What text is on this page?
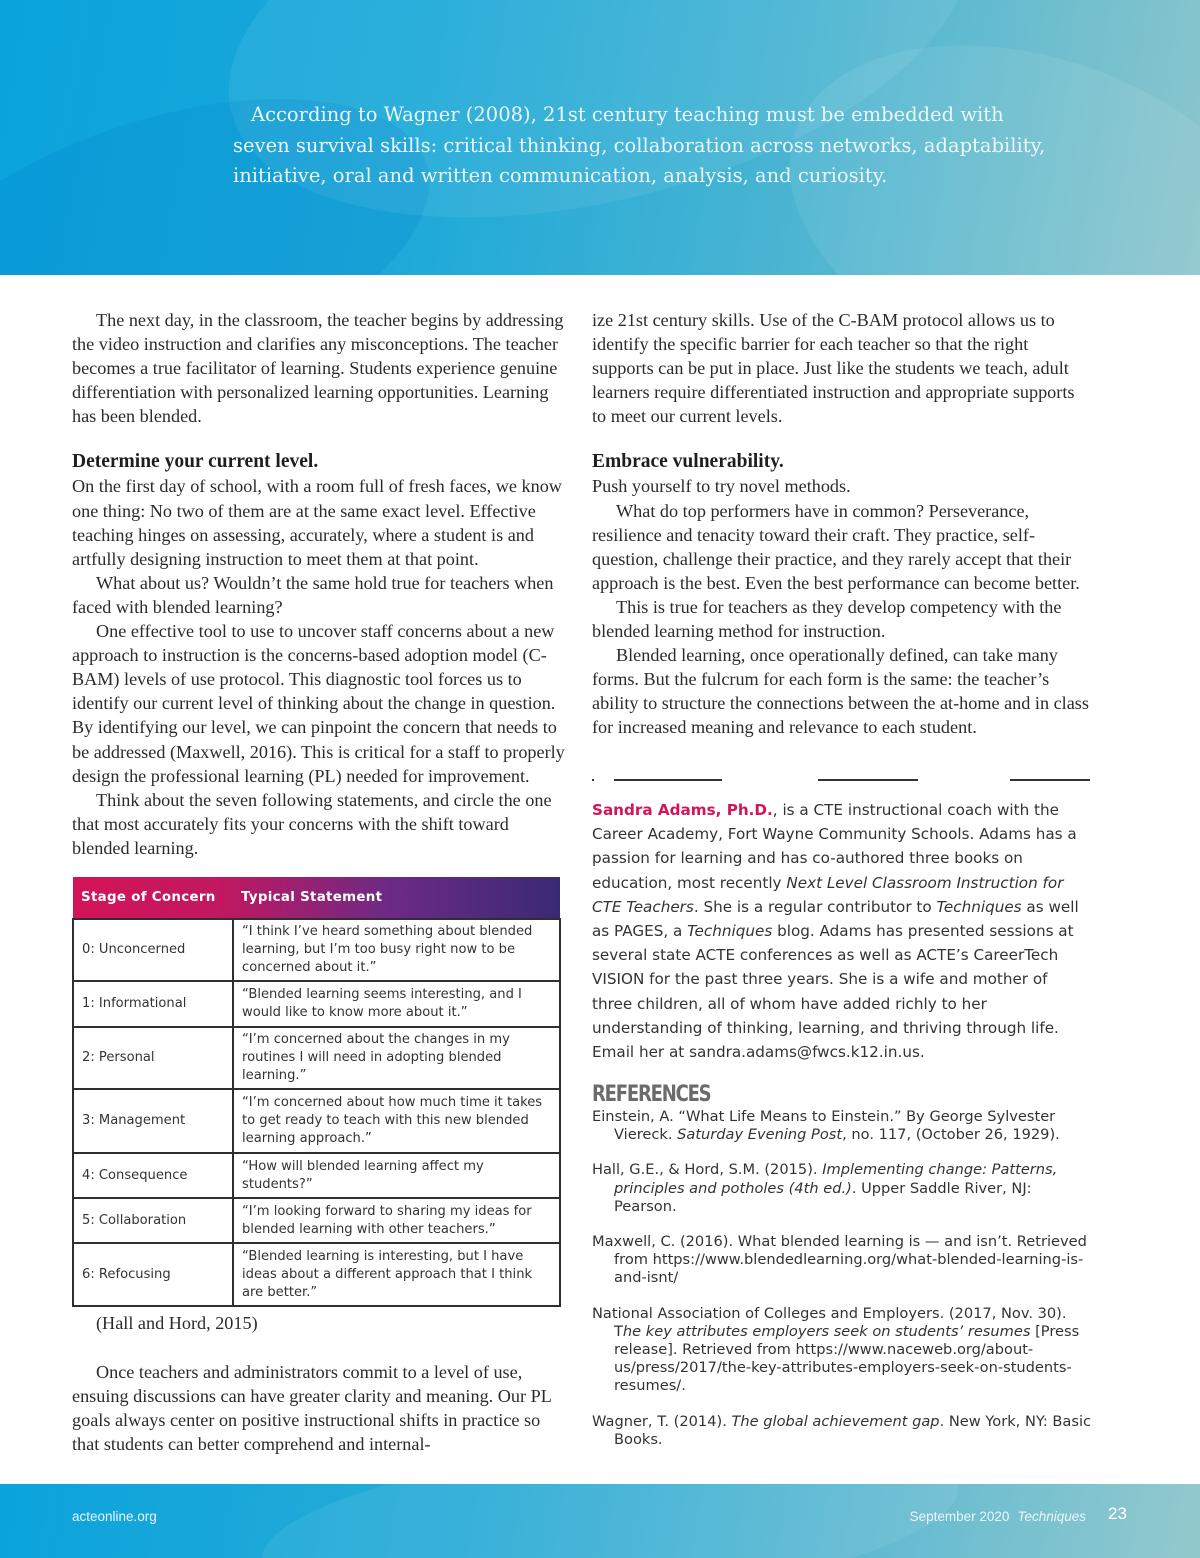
According to Wagner (2008), 21st century teaching must be embedded with
seven survival skills: critical thinking, collaboration across networks, adaptability,
initiative, oral and written communication, analysis, and curiosity.

The next day, in the classroom, the teacher begins by addressing the video instruction and clarifies any misconceptions. The teacher becomes a true facilitator of learning. Students experience genuine differentiation with personalized learning opportunities. Learning has been blended.

Determine your current level.

On the first day of school, with a room full of fresh faces, we know one thing: No two of them are at the same exact level. Effective teaching hinges on assessing, accurately, where a student is and artfully designing instruction to meet them at that point.

What about us? Wouldn’t the same hold true for teachers when faced with blended learning?

One effective tool to use to uncover staff concerns about a new approach to instruction is the concerns-based adoption model (C-BAM) levels of use protocol. This diagnostic tool forces us to identify our current level of thinking about the change in question. By identifying our level, we can pinpoint the concern that needs to be addressed (Maxwell, 2016). This is critical for a staff to properly design the professional learning (PL) needed for improvement.

Think about the seven following statements, and circle the one that most accurately fits your concerns with the shift toward blended learning.

Stage of Concern	Typical Statement
0: Unconcerned	“I think I’ve heard something about blended learning, but I’m too busy right now to be concerned about it.”
1: Informational	“Blended learning seems interesting, and I would like to know more about it.”
2: Personal	“I’m concerned about the changes in my routines I will need in adopting blended learning.”
3: Management	“I’m concerned about how much time it takes to get ready to teach with this new blended learning approach.”
4: Consequence	“How will blended learning affect my students?”
5: Collaboration	“I’m looking forward to sharing my ideas for blended learning with other teachers.”
6: Refocusing	“Blended learning is interesting, but I have ideas about a different approach that I think are better.”
(Hall and Hord, 2015)

Once teachers and administrators commit to a level of use, ensuing discussions can have greater clarity and meaning. Our PL goals always center on positive instructional shifts in practice so that students can better comprehend and internal-

ize 21st century skills. Use of the C-BAM protocol allows us to identify the specific barrier for each teacher so that the right supports can be put in place. Just like the students we teach, adult learners require differentiated instruction and appropriate supports to meet our current levels.

Embrace vulnerability.

Push yourself to try novel methods.

What do top performers have in common? Perseverance, resilience and tenacity toward their craft. They practice, self-question, challenge their practice, and they rarely accept that their approach is the best. Even the best performance can become better.

This is true for teachers as they develop competency with the blended learning method for instruction.

Blended learning, once operationally defined, can take many forms. But the fulcrum for each form is the same: the teacher’s ability to structure the connections between the at-home and in class for increased meaning and relevance to each student.

Sandra Adams, Ph.D., is a CTE instructional coach with the Career Academy, Fort Wayne Community Schools. Adams has a passion for learning and has co-authored three books on education, most recently Next Level Classroom Instruction for CTE Teachers. She is a regular contributor to Techniques as well as PAGES, a Techniques blog. Adams has presented sessions at several state ACTE conferences as well as ACTE’s CareerTech VISION for the past three years. She is a wife and mother of three children, all of whom have added richly to her understanding of thinking, learning, and thriving through life. Email her at sandra.adams@fwcs.k12.in.us.
REFERENCES
Einstein, A. “What Life Means to Einstein.” By George Sylvester Viereck. Saturday Evening Post, no. 117, (October 26, 1929).
Hall, G.E., & Hord, S.M. (2015). Implementing change: Patterns, principles and potholes (4th ed.). Upper Saddle River, NJ: Pearson.
Maxwell, C. (2016). What blended learning is — and isn’t. Retrieved from https://www.blendedlearning.org/what-blended-learning-is-and-isnt/
National Association of Colleges and Employers. (2017, Nov. 30). The key attributes employers seek on students’ resumes [Press release]. Retrieved from https://www.naceweb.org/about-us/press/2017/the-key-attributes-employers-seek-on-students-resumes/.
Wagner, T. (2014). The global achievement gap. New York, NY: Basic Books.
acteonline.org	September 2020 Techniques 23
